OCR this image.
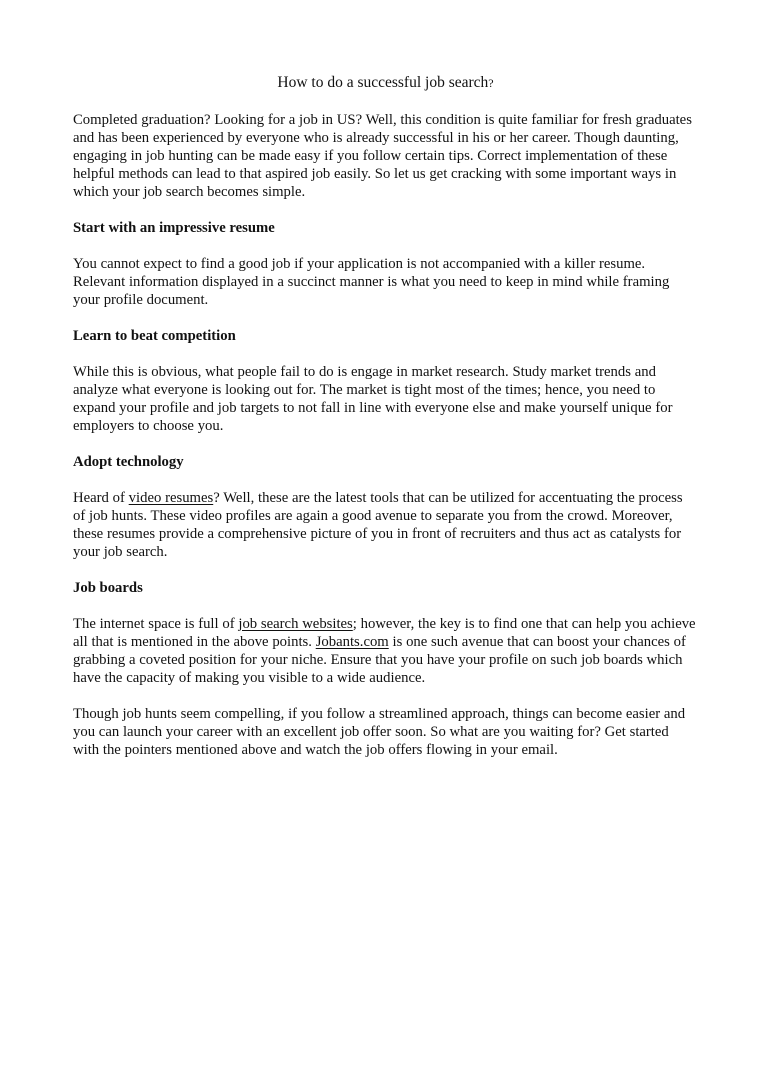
How to do a successful job search?

Completed graduation? Looking for a job in US? Well, this condition is quite familiar for fresh graduates and has been experienced by everyone who is already successful in his or her career. Though daunting, engaging in job hunting can be made easy if you follow certain tips. Correct implementation of these helpful methods can lead to that aspired job easily. So let us get cracking with some important ways in which your job search becomes simple.

Start with an impressive resume

You cannot expect to find a good job if your application is not accompanied with a killer resume. Relevant information displayed in a succinct manner is what you need to keep in mind while framing your profile document.

Learn to beat competition

While this is obvious, what people fail to do is engage in market research. Study market trends and analyze what everyone is looking out for. The market is tight most of the times; hence, you need to expand your profile and job targets to not fall in line with everyone else and make yourself unique for employers to choose you.

Adopt technology

Heard of video resumes? Well, these are the latest tools that can be utilized for accentuating the process of job hunts. These video profiles are again a good avenue to separate you from the crowd. Moreover, these resumes provide a comprehensive picture of you in front of recruiters and thus act as catalysts for your job search.

Job boards

The internet space is full of job search websites; however, the key is to find one that can help you achieve all that is mentioned in the above points. Jobants.com is one such avenue that can boost your chances of grabbing a coveted position for your niche. Ensure that you have your profile on such job boards which have the capacity of making you visible to a wide audience.

Though job hunts seem compelling, if you follow a streamlined approach, things can become easier and you can launch your career with an excellent job offer soon. So what are you waiting for? Get started with the pointers mentioned above and watch the job offers flowing in your email.
